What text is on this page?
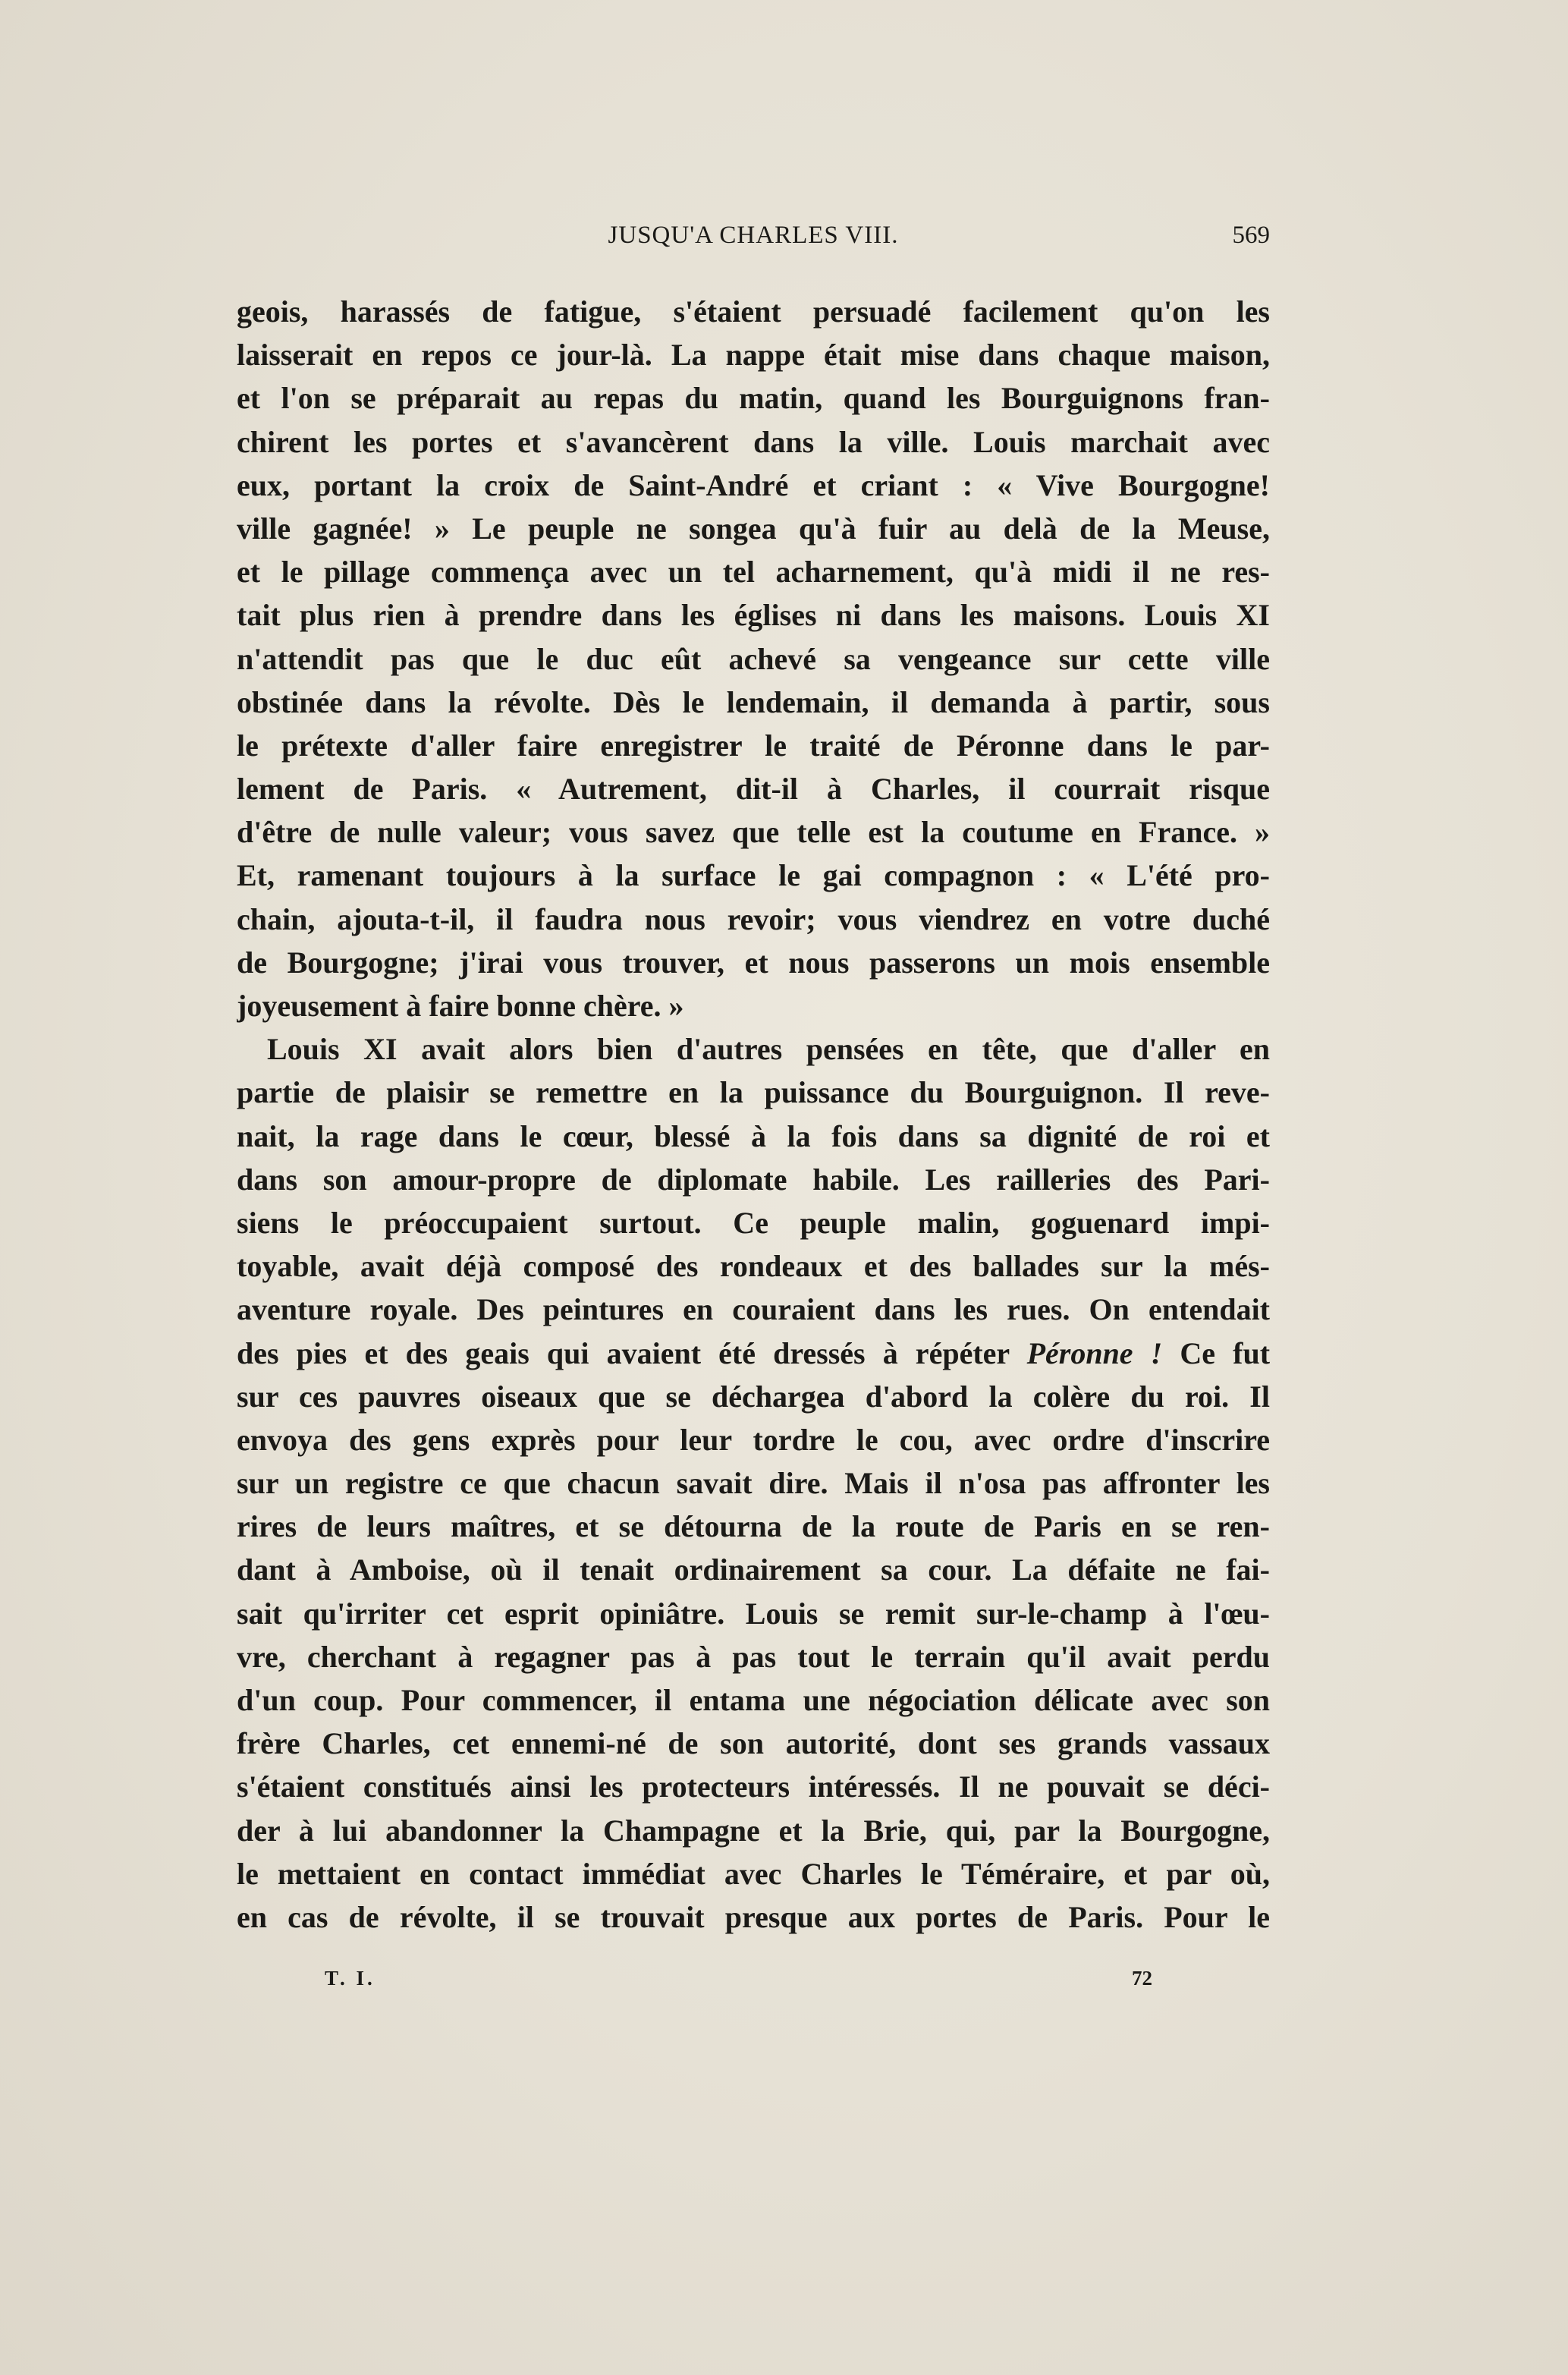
JUSQU'A CHARLES VIII.	569
geois, harassés de fatigue, s'étaient persuadé facilement qu'on les
laisserait en repos ce jour-là. La nappe était mise dans chaque maison,
et l'on se préparait au repas du matin, quand les Bourguignons fran-
chirent les portes et s'avancèrent dans la ville. Louis marchait avec
eux, portant la croix de Saint-André et criant : « Vive Bourgogne!
ville gagnée! » Le peuple ne songea qu'à fuir au delà de la Meuse,
et le pillage commença avec un tel acharnement, qu'à midi il ne res-
tait plus rien à prendre dans les églises ni dans les maisons. Louis XI
n'attendit pas que le duc eût achevé sa vengeance sur cette ville
obstinée dans la révolte. Dès le lendemain, il demanda à partir, sous
le prétexte d'aller faire enregistrer le traité de Péronne dans le par-
lement de Paris. « Autrement, dit-il à Charles, il courrait risque
d'être de nulle valeur; vous savez que telle est la coutume en France. »
Et, ramenant toujours à la surface le gai compagnon : « L'été pro-
chain, ajouta-t-il, il faudra nous revoir; vous viendrez en votre duché
de Bourgogne; j'irai vous trouver, et nous passerons un mois ensemble
joyeusement à faire bonne chère. »
Louis XI avait alors bien d'autres pensées en tête, que d'aller en
partie de plaisir se remettre en la puissance du Bourguignon. Il reve-
nait, la rage dans le cœur, blessé à la fois dans sa dignité de roi et
dans son amour-propre de diplomate habile. Les railleries des Pari-
siens le préoccupaient surtout. Ce peuple malin, goguenard impi-
toyable, avait déjà composé des rondeaux et des ballades sur la més-
aventure royale. Des peintures en couraient dans les rues. On entendait
des pies et des geais qui avaient été dressés à répéter Péronne ! Ce fut
sur ces pauvres oiseaux que se déchargea d'abord la colère du roi. Il
envoya des gens exprès pour leur tordre le cou, avec ordre d'inscrire
sur un registre ce que chacun savait dire. Mais il n'osa pas affronter les
rires de leurs maîtres, et se détourna de la route de Paris en se ren-
dant à Amboise, où il tenait ordinairement sa cour. La défaite ne fai-
sait qu'irriter cet esprit opiniâtre. Louis se remit sur-le-champ à l'œu-
vre, cherchant à regagner pas à pas tout le terrain qu'il avait perdu
d'un coup. Pour commencer, il entama une négociation délicate avec son
frère Charles, cet ennemi-né de son autorité, dont ses grands vassaux
s'étaient constitués ainsi les protecteurs intéressés. Il ne pouvait se déci-
der à lui abandonner la Champagne et la Brie, qui, par la Bourgogne,
le mettaient en contact immédiat avec Charles le Téméraire, et par où,
en cas de révolte, il se trouvait presque aux portes de Paris. Pour le
T. I.	72
